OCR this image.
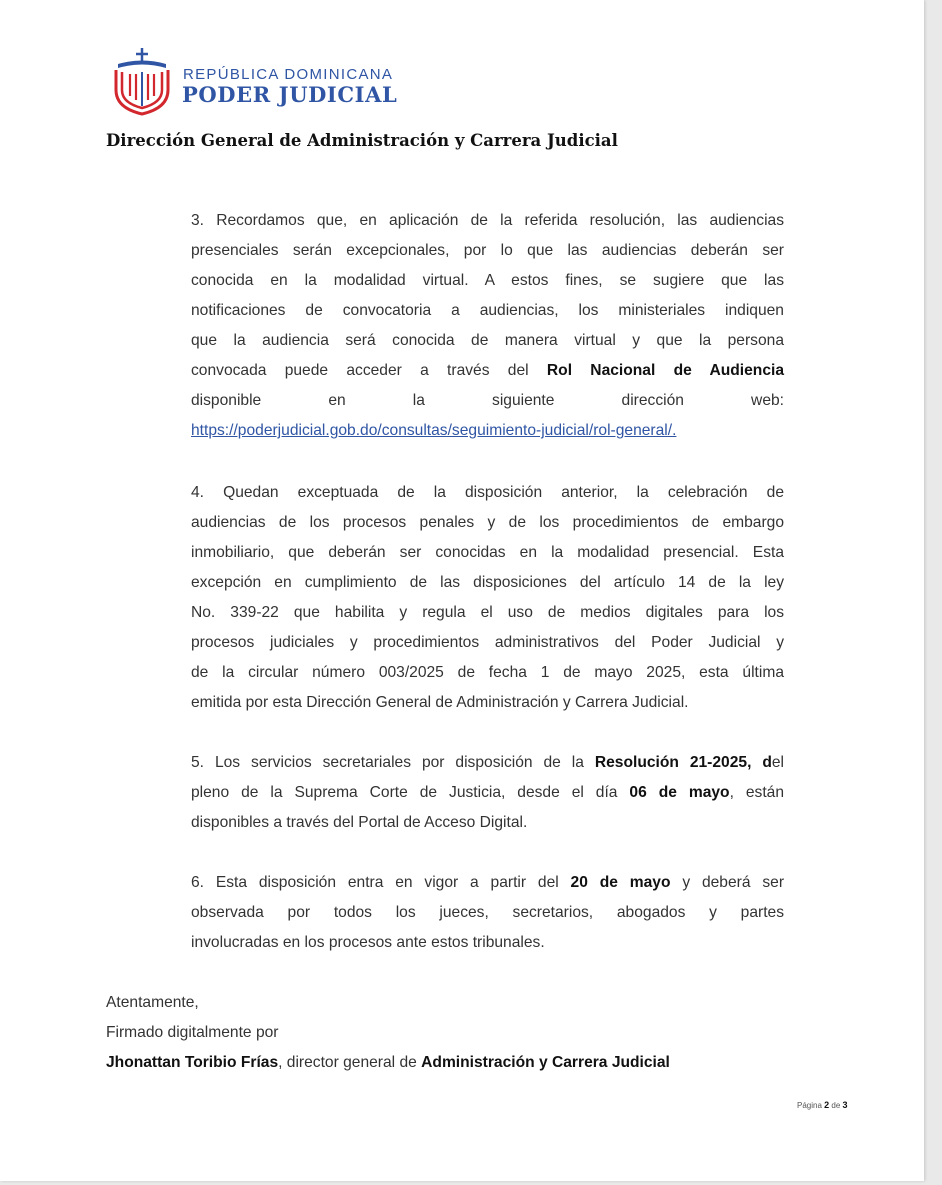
REPÚBLICA DOMINICANA
PODER JUDICIAL
Dirección General de Administración y Carrera Judicial
3. Recordamos que, en aplicación de la referida resolución, las audiencias
presenciales serán excepcionales, por lo que las audiencias deberán ser
conocida en la modalidad virtual. A estos fines, se sugiere que las
notificaciones de convocatoria a audiencias, los ministeriales indiquen
que la audiencia será conocida de manera virtual y que la persona
convocada puede acceder a través del Rol Nacional de Audiencia
disponible en la siguiente dirección web:
https://poderjudicial.gob.do/consultas/seguimiento-judicial/rol-general/.
4. Quedan exceptuada de la disposición anterior, la celebración de
audiencias de los procesos penales y de los procedimientos de embargo
inmobiliario, que deberán ser conocidas en la modalidad presencial. Esta
excepción en cumplimiento de las disposiciones del artículo 14 de la ley
No. 339-22 que habilita y regula el uso de medios digitales para los
procesos judiciales y procedimientos administrativos del Poder Judicial y
de la circular número 003/2025 de fecha 1 de mayo 2025, esta última
emitida por esta Dirección General de Administración y Carrera Judicial.
5. Los servicios secretariales por disposición de la Resolución 21-2025, del
pleno de la Suprema Corte de Justicia, desde el día 06 de mayo, están
disponibles a través del Portal de Acceso Digital.
6. Esta disposición entra en vigor a partir del 20 de mayo y deberá ser
observada por todos los jueces, secretarios, abogados y partes
involucradas en los procesos ante estos tribunales.
Atentamente,
Firmado digitalmente por
Jhonattan Toribio Frías, director general de Administración y Carrera Judicial
Página 2 de 3
